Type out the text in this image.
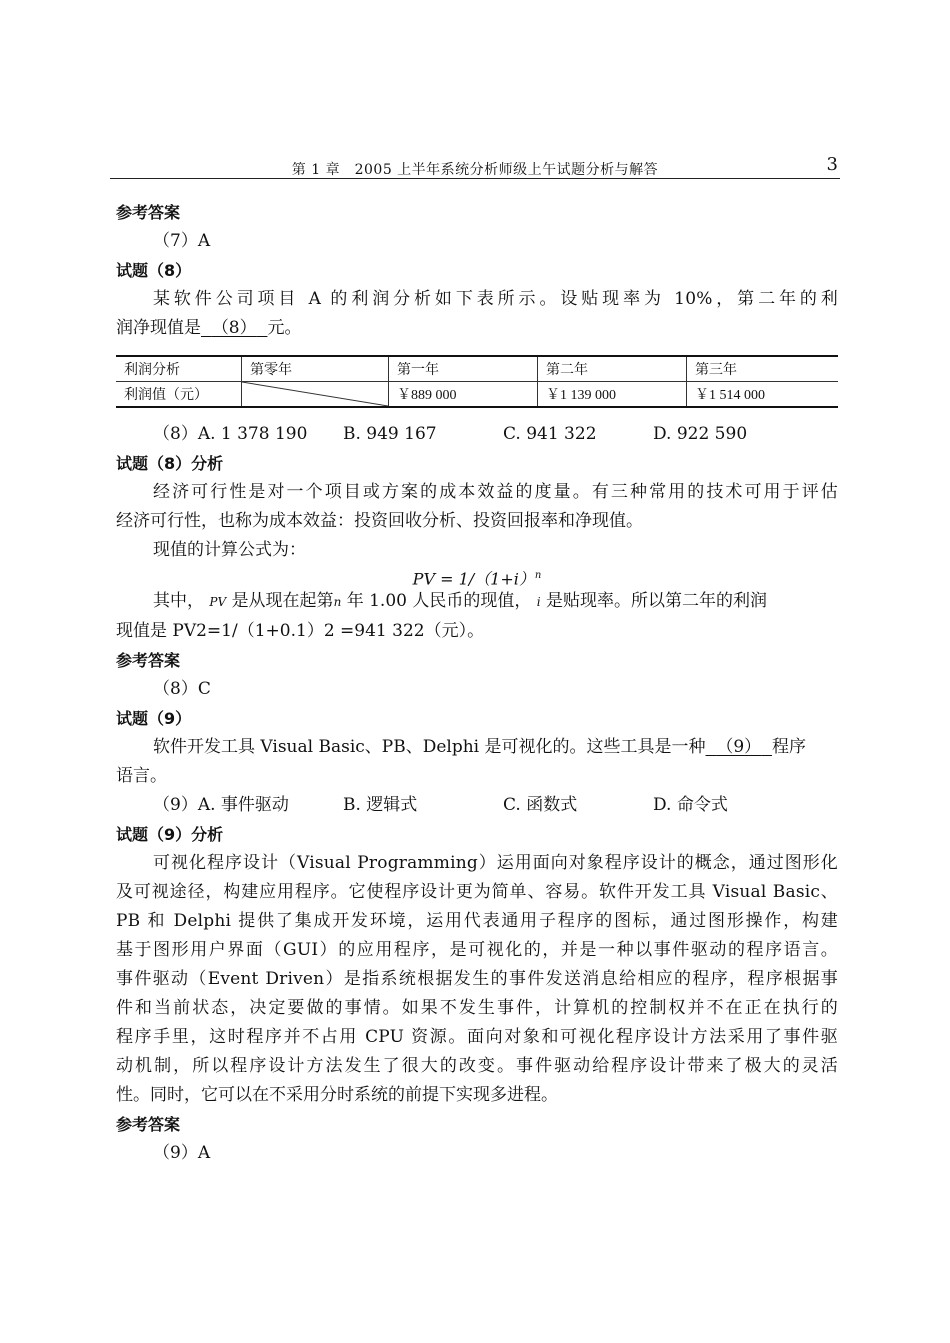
第 1 章　2005 上半年系统分析师级上午试题分析与解答	3
参考答案
（7）A
试题（8）
某软件公司项目 A 的利润分析如下表所示。设贴现率为 10%，第二年的利
润净现值是 （8） 元。
利润分析	第零年	第一年	第二年	第三年
利润值（元）		￥889 000	￥1 139 000	￥1 514 000
（8）A. 1 378 190	B. 949 167	C. 941 322	D. 922 590
试题（8）分析
经济可行性是对一个项目或方案的成本效益的度量。有三种常用的技术可用于评估
经济可行性，也称为成本效益：投资回收分析、投资回报率和净现值。
现值的计算公式为：
PV = $1/(1+i)^n$
其中， PV 是从现在起第n 年 1.00 人民币的现值， i 是贴现率。所以第二年的利润
现值是 PV2=1/（1+0.1）2 =941 322（元）。
参考答案
（8）C
试题（9）
软件开发工具 Visual Basic、PB、Delphi 是可视化的。这些工具是一种 （9） 程序
语言。
（9）A. 事件驱动	B. 逻辑式	C. 函数式	D. 命令式
试题（9）分析
可视化程序设计（Visual Programming）运用面向对象程序设计的概念，通过图形化
及可视途径，构建应用程序。它使程序设计更为简单、容易。软件开发工具 Visual Basic、
PB 和 Delphi 提供了集成开发环境，运用代表通用子程序的图标，通过图形操作，构建
基于图形用户界面（GUI）的应用程序，是可视化的，并是一种以事件驱动的程序语言。
事件驱动（Event Driven）是指系统根据发生的事件发送消息给相应的程序，程序根据事
件和当前状态，决定要做的事情。如果不发生事件，计算机的控制权并不在正在执行的
程序手里，这时程序并不占用 CPU 资源。面向对象和可视化程序设计方法采用了事件驱
动机制，所以程序设计方法发生了很大的改变。事件驱动给程序设计带来了极大的灵活
性。同时，它可以在不采用分时系统的前提下实现多进程。
参考答案
（9）A
